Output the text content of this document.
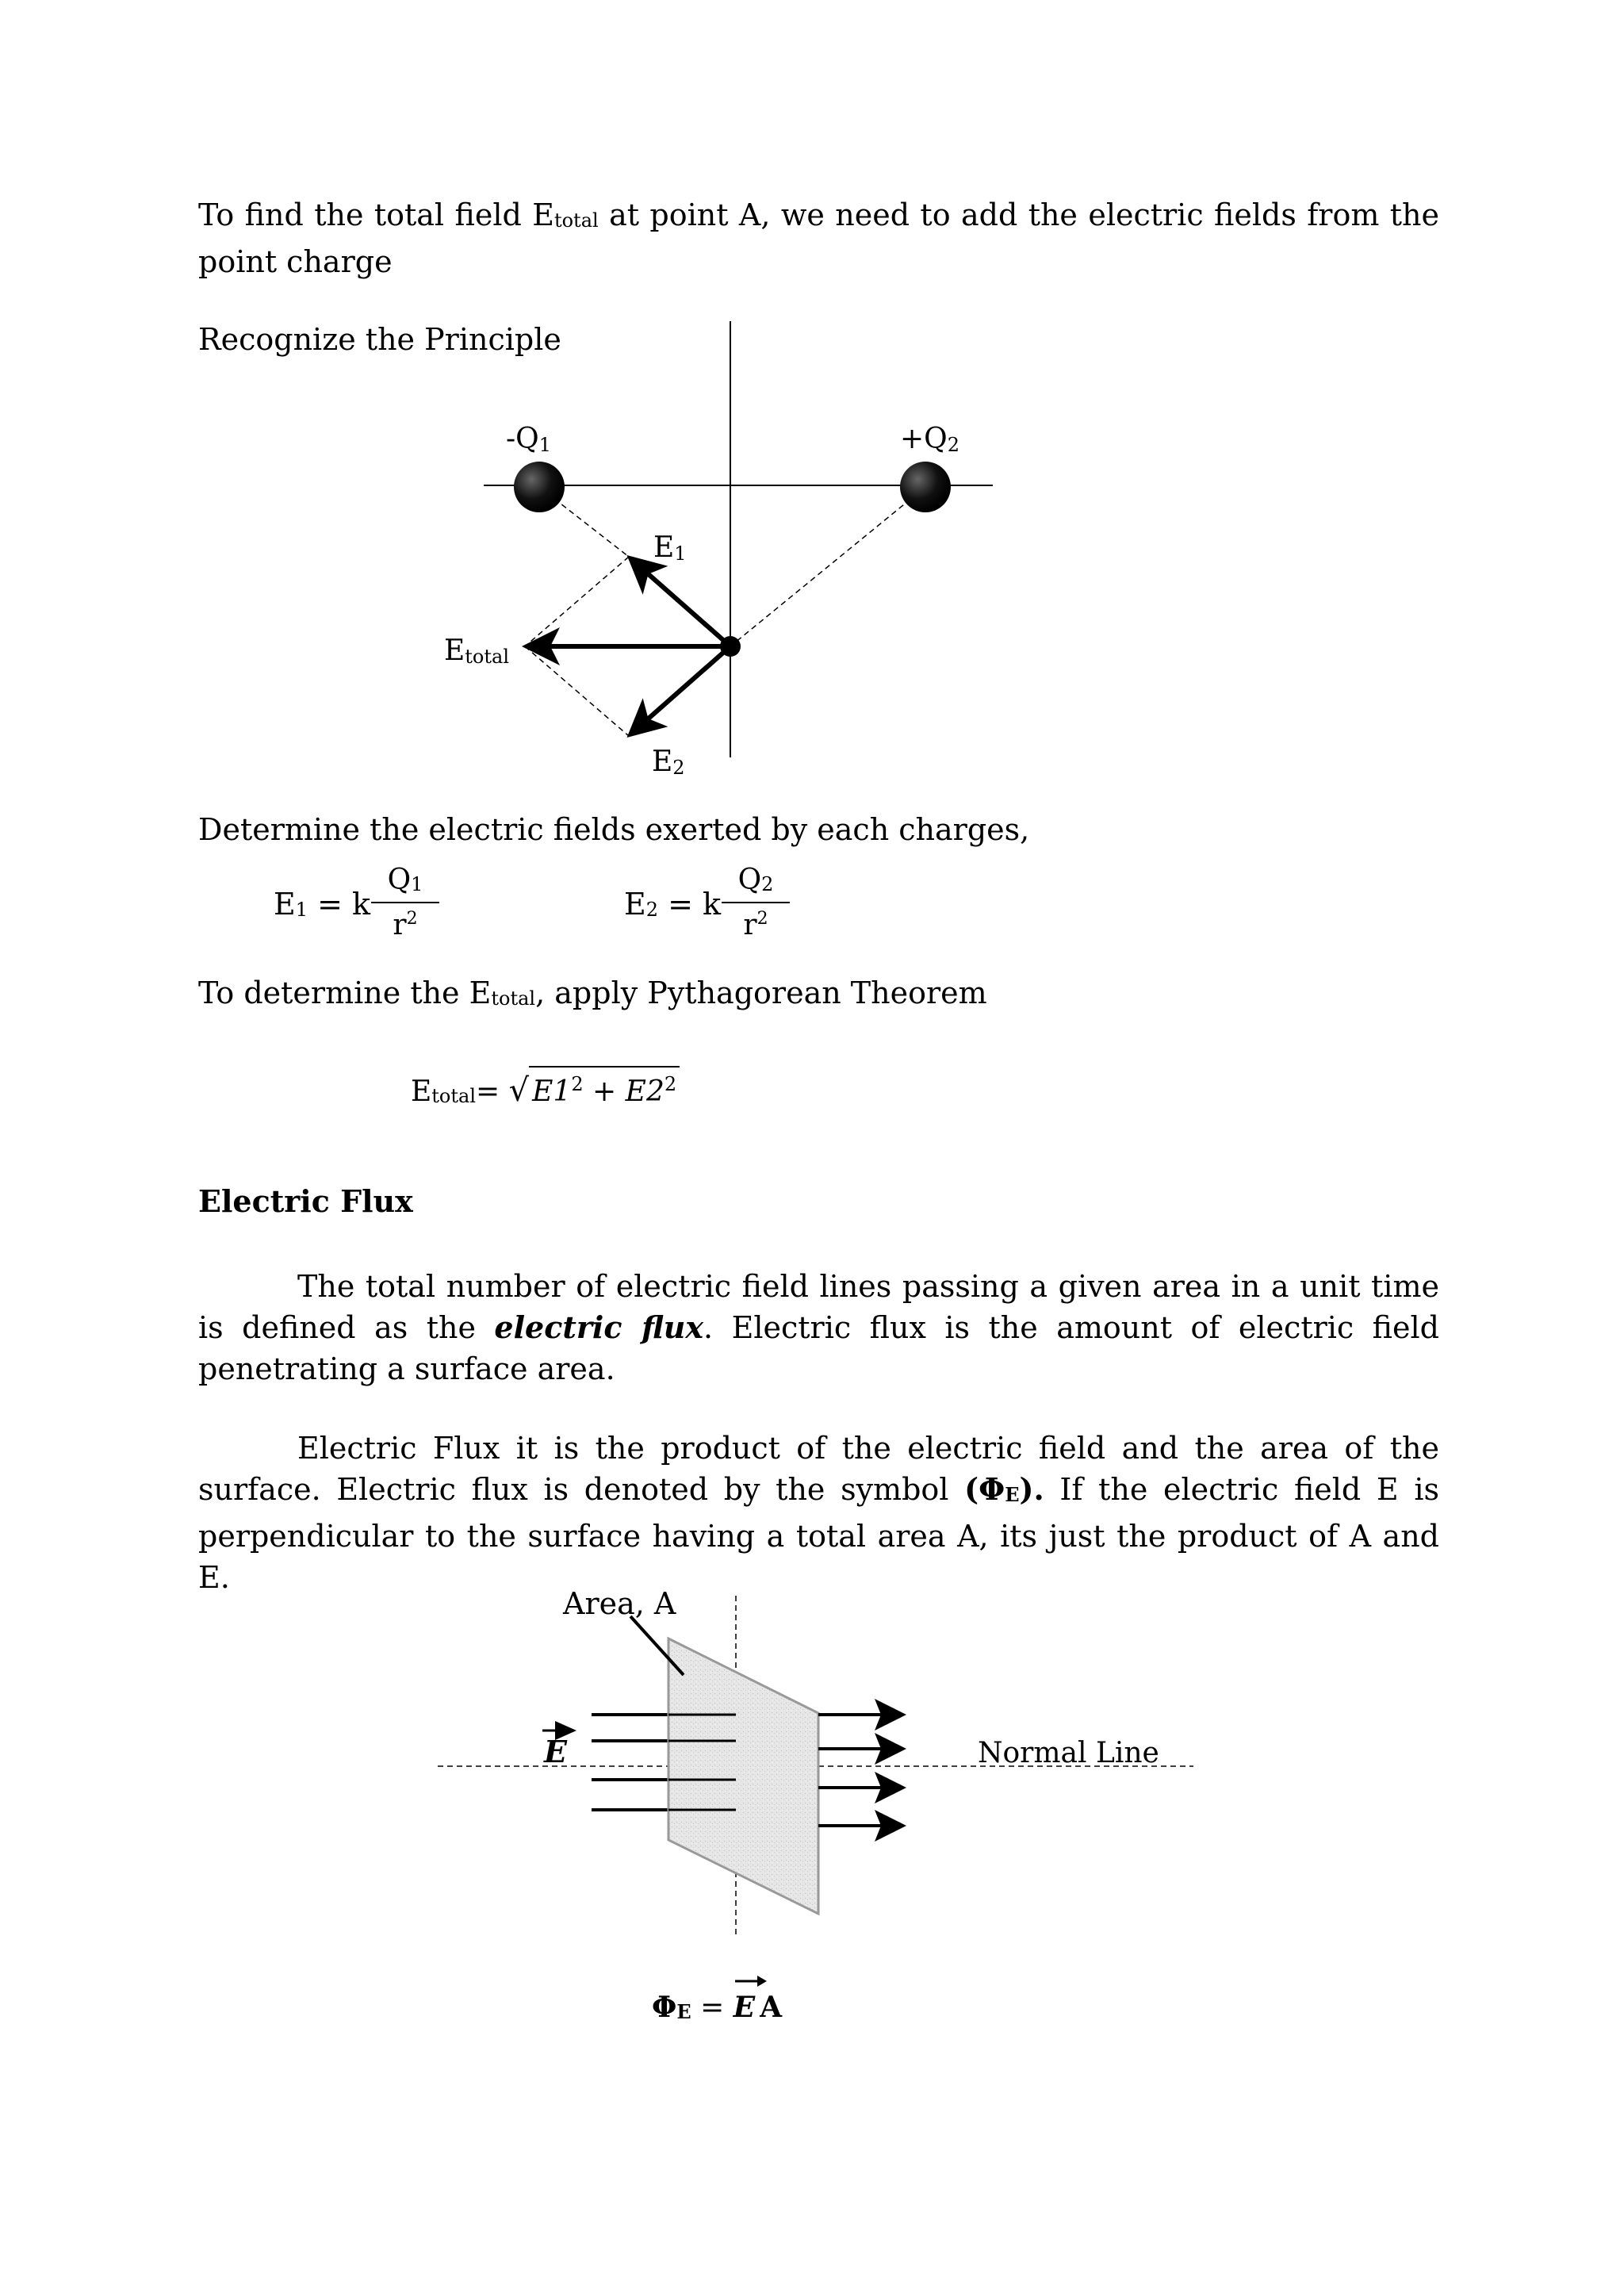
To find the total field $E_{total}$ at point A, we need to add the electric fields from the point charge

Recognize the Principle
-Q1	+Q2
E1
E2
Etotal
Determine the electric fields exerted by each charges,
$E_1 = k \frac{Q_1}{r^2}$	$E_2 = k \frac{Q_2}{r^2}$
To determine the $E_{total}$, apply Pythagorean Theorem
$E_{total}=$ √ $E1^2 + E2^2$
Electric Flux

The total number of electric field lines passing a given area in a unit time is defined as the electric flux. Electric flux is the amount of electric field penetrating a surface area.

Electric Flux it is the product of the electric field and the area of the surface. Electric flux is denoted by the symbol $(\Phi_E)$. If the electric field E is perpendicular to the surface having a total area A, its just the product of A and E.

Area, A
Normal Line
E
$\Phi_E$ =
E A
